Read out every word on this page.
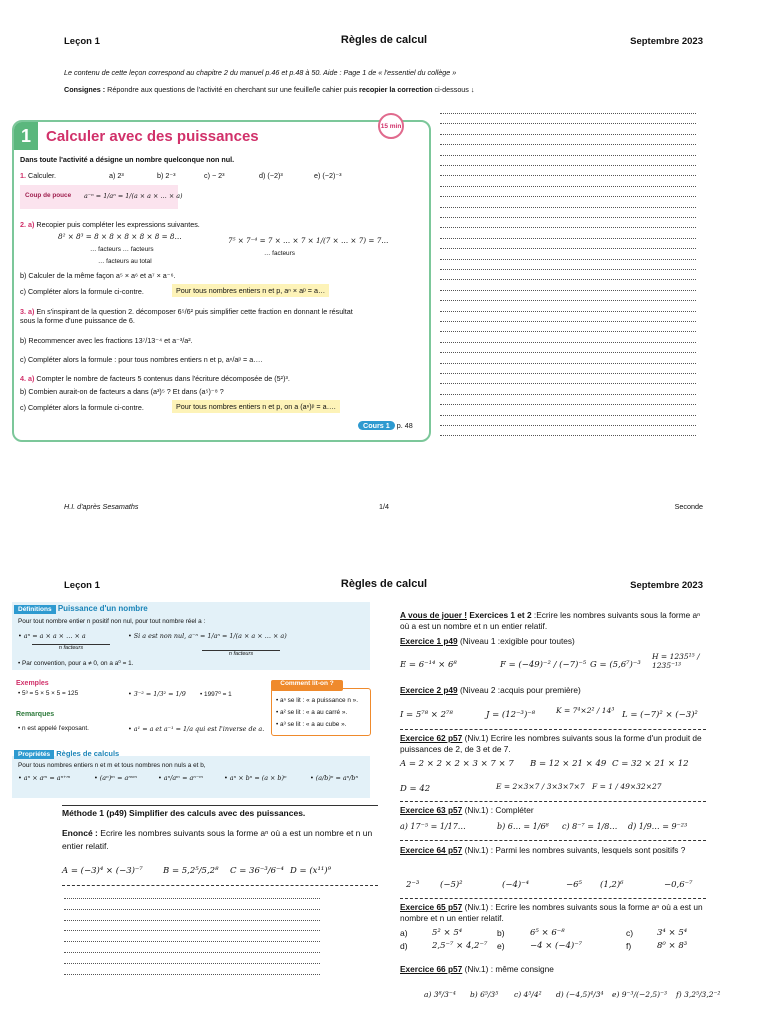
Leçon 1	Règles de calcul	Septembre 2023
Le contenu de cette leçon correspond au chapitre 2 du manuel p.46 et p.48 à 50. Aide : Page 1 de « l'essentiel du collège »
Consignes : Répondre aux questions de l'activité en cherchant sur une feuille/le cahier puis recopier la correction ci-dessous ↓
1	Calculer avec des puissances
15 min
Dans toute l'activité a désigne un nombre quelconque non nul.
1. Calculer.	a) 2³	b) 2⁻³	c) − 2³	d) (−2)³	e) (−2)⁻³
Coup de pouce	a⁻ⁿ = 1/aⁿ = 1/(a × a × … × a)
2. a) Recopier puis compléter les expressions suivantes.
8² × 8³ = 8 × 8 × 8 × 8 × 8 = 8…
… facteurs … facteurs
… facteurs au total
7⁵ × 7⁻⁴ = 7 × … × 7 × 1/(7 × … × 7) = 7…
… facteurs
b) Calculer de la même façon a⁵ × a⁶ et a⁷ × a⁻⁶.
c) Compléter alors la formule ci-contre.	Pour tous nombres entiers n et p, aⁿ × aᵖ = a…
3. a) En s'inspirant de la question 2. décomposer 6⁵/6² puis simplifier cette fraction en donnant le résultat sous la forme d'une puissance de 6.
b) Recommencer avec les fractions 13⁷/13⁻⁴ et a⁻³/a².
c) Compléter alors la formule : pour tous nombres entiers n et p, aⁿ/aᵖ = a….
4. a) Compter le nombre de facteurs 5 contenus dans l'écriture décomposée de (5²)³.
b) Combien aurait-on de facteurs a dans (a³)⁵ ? Et dans (a⁵)⁻⁸ ?
c) Compléter alors la formule ci-contre.	Pour tous nombres entiers n et p, on a (aⁿ)ᵖ = a….
Cours 1 p. 48
H.I. d'après Sesamaths	1/4	Seconde
Leçon 1	Règles de calcul	Septembre 2023
Définitions Puissance d'un nombre
Pour tout nombre entier n positif non nul, pour tout nombre réel a :
• aⁿ = a × a × … × a
n facteurs
• Si a est non nul, a⁻ⁿ = 1/aⁿ = 1/(a × a × … × a)
n facteurs
• Par convention, pour a ≠ 0, on a a⁰ = 1.
Exemples
• 5³ = 5 × 5 × 5 = 125	• 3⁻² = 1/3² = 1/9 • 1997⁰ = 1
Remarques
• n est appelé l'exposant.	• a¹ = a et a⁻¹ = 1/a qui est l'inverse de a.
Comment lit-on ?
• aⁿ se lit : « a puissance n ».
• a² se lit : « a au carré ».
• a³ se lit : « a au cube ».
Propriétés Règles de calculs
Pour tous nombres entiers n et m et tous nombres non nuls a et b,
• aⁿ × aᵐ = aⁿ⁺ᵐ	• (aⁿ)ᵐ = aⁿˣᵐ	• aⁿ/aᵐ = aⁿ⁻ᵐ	• aⁿ × bⁿ = (a × b)ⁿ	• (a/b)ⁿ = aⁿ/bⁿ
Méthode 1 (p49) Simplifier des calculs avec des puissances.
Enoncé : Ecrire les nombres suivants sous la forme aⁿ où a est un nombre et n un entier relatif.
A = (−3)⁴ × (−3)⁻⁷ B = 5,2⁵/5,2⁸ C = 36⁻³/6⁻⁴ D = (x¹¹)⁹
A vous de jouer ! Exercices 1 et 2 :Ecrire les nombres suivants sous la forme aⁿ où a est un nombre et n un entier relatif.
Exercice 1 p49 (Niveau 1 :exigible pour toutes)
E = 6⁻¹⁴ × 6⁸	F = (−49)⁻² / (−7)⁻⁵ G = (5,6⁷)⁻³
H = 1235¹⁵ / 1235⁻¹³
Exercice 2 p49 (Niveau 2 :acquis pour première)
I = 5⁷⁸ × 2⁷⁸	J = (12⁻³)⁻⁸	K = 7⁴×2² / 14³ L = (−7)² × (−3)²
Exercice 62 p57 (Niv.1) Ecrire les nombres suivants sous la forme d'un produit de puissances de 2, de 3 et de 7.
A = 2 × 2 × 2 × 3 × 7 × 7 B = 12 × 21 × 49 C = 32 × 21 × 12
D = 42	E = 2×3×7 / 3×3×7×7 F = 1 / 49×32×27
Exercice 63 p57 (Niv.1) : Compléter
a) 17⁻⁵ = 1/17…	b) 6… = 1/6⁸ c) 8⁻⁷ = 1/8… d) 1/9… = 9⁻²³
Exercice 64 p57 (Niv.1) : Parmi les nombres suivants, lesquels sont positifs ?
2⁻³ (−5)²	(−4)⁻⁴	−6⁵ (1,2)⁶	−0,6⁻⁷
Exercice 65 p57 (Niv.1) : Ecrire les nombres suivants sous la forme aⁿ où a est un nombre et n un entier relatif.
a)	5² × 5⁴	b)	6⁵ × 6⁻⁸	c)	3⁴ × 5⁴
d)	2,5⁻⁷ × 4,2⁻⁷ e)	−4 × (−4)⁻⁷	f)	8⁰ × 8³
Exercice 66 p57 (Niv.1) : même consigne
a) 3⁸/3⁻⁴ b) 6⁵/3⁵ c) 4⁵/4² d) (−4,5)⁴/3⁴ e) 9⁻³/(−2,5)⁻³ f) 3,2⁵/3,2⁻²
